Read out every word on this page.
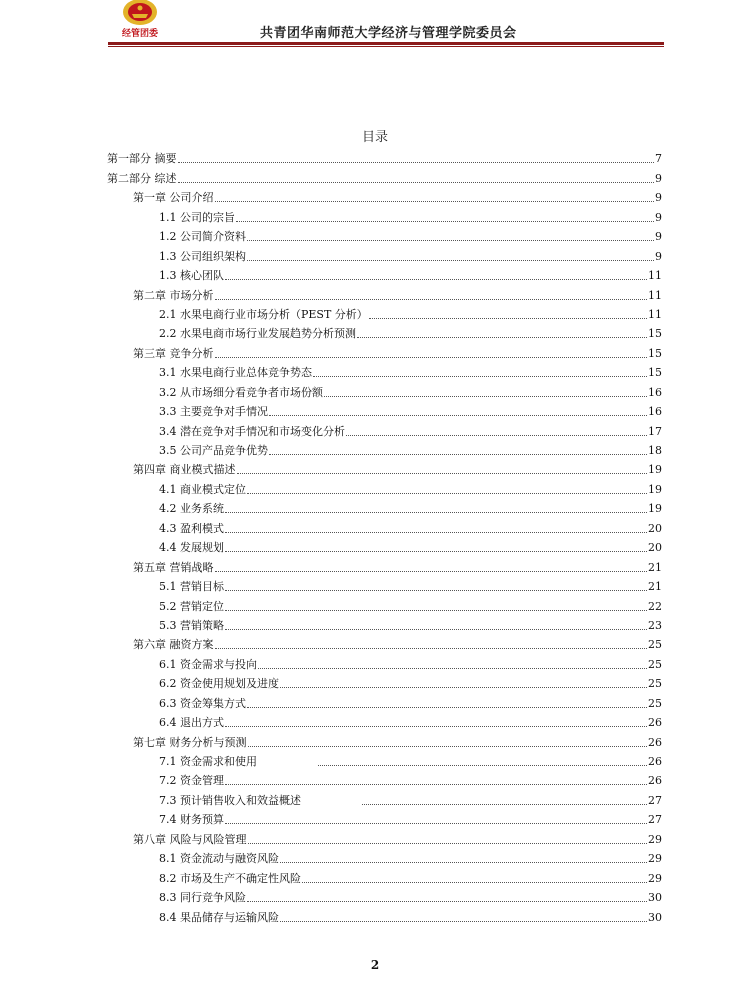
经管团委	共青团华南师范大学经济与管理学院委员会
目录
第一部分 摘要	7
第二部分 综述	9
第一章 公司介绍	9
1.1 公司的宗旨	9
1.2 公司简介资料	9
1.3 公司组织架构	9
1.3 核心团队	11
第二章 市场分析	11
2.1 水果电商行业市场分析（PEST 分析）	11
2.2 水果电商市场行业发展趋势分析预测	15
第三章 竞争分析	15
3.1 水果电商行业总体竞争势态	15
3.2 从市场细分看竞争者市场份额	16
3.3 主要竞争对手情况	16
3.4 潜在竞争对手情况和市场变化分析	17
3.5 公司产品竞争优势	18
第四章 商业模式描述	19
4.1 商业模式定位	19
4.2 业务系统	19
4.3 盈利模式	20
4.4 发展规划	20
第五章 营销战略	21
5.1 营销目标	21
5.2 营销定位	22
5.3 营销策略	23
第六章 融资方案	25
6.1 资金需求与投向	25
6.2 资金使用规划及进度	25
6.3 资金筹集方式	25
6.4 退出方式	26
第七章 财务分析与预测	26
7.1 资金需求和使用	26
7.2 资金管理	26
7.3 预计销售收入和效益概述	27
7.4 财务预算	27
第八章 风险与风险管理	29
8.1 资金流动与融资风险	29
8.2 市场及生产不确定性风险	29
8.3 同行竞争风险	30
8.4 果品储存与运输风险	30
2
